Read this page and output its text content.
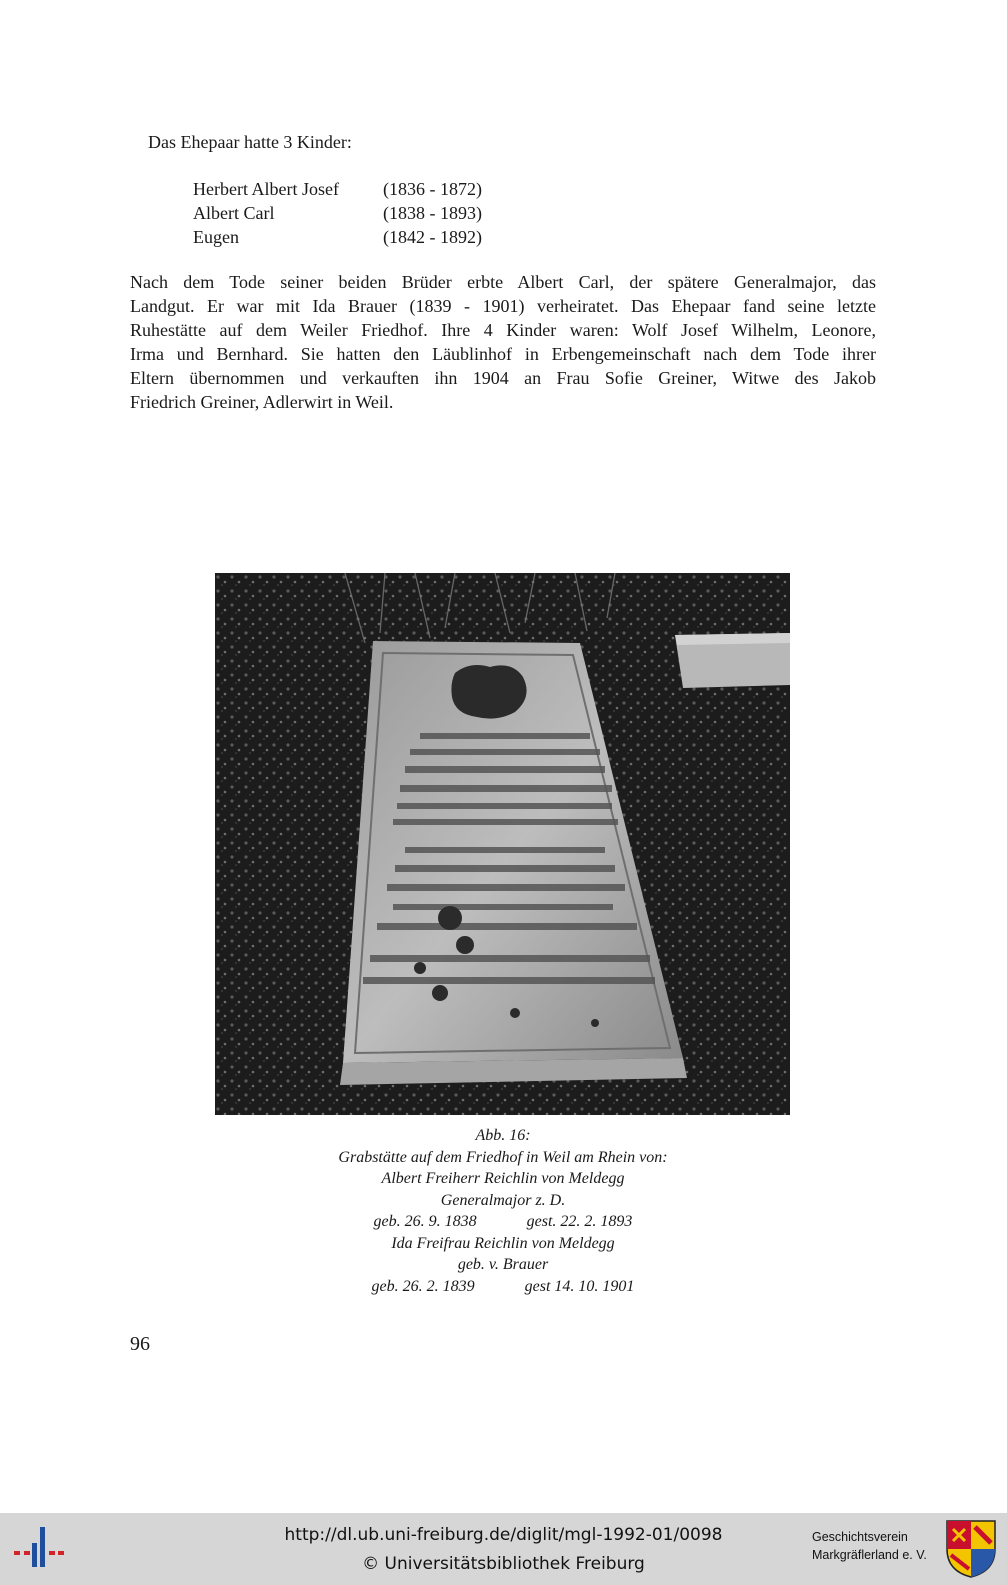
Das Ehepaar hatte 3 Kinder:
Herbert Albert Josef	(1836 - 1872)
Albert Carl	(1838 - 1893)
Eugen	(1842 - 1892)
Nach dem Tode seiner beiden Brüder erbte Albert Carl, der spätere Generalmajor, das
Landgut. Er war mit Ida Brauer (1839 - 1901) verheiratet. Das Ehepaar fand seine letzte
Ruhestätte auf dem Weiler Friedhof. Ihre 4 Kinder waren: Wolf Josef Wilhelm, Leonore,
Irma und Bernhard. Sie hatten den Läublinhof in Erbengemeinschaft nach dem Tode ihrer
Eltern übernommen und verkauften ihn 1904 an Frau Sofie Greiner, Witwe des Jakob
Friedrich Greiner, Adlerwirt in Weil.
Abb. 16:
Grabstätte auf dem Friedhof in Weil am Rhein von:
Albert Freiherr Reichlin von Meldegg
Generalmajor z. D.
geb. 26. 9. 1838	gest. 22. 2. 1893
Ida Freifrau Reichlin von Meldegg
geb. v. Brauer
geb. 26. 2. 1839	gest 14. 10. 1901
96
http://dl.ub.uni-freiburg.de/diglit/mgl-1992-01/0098
© Universitätsbibliothek Freiburg
Geschichtsverein
Markgräflerland e. V.
